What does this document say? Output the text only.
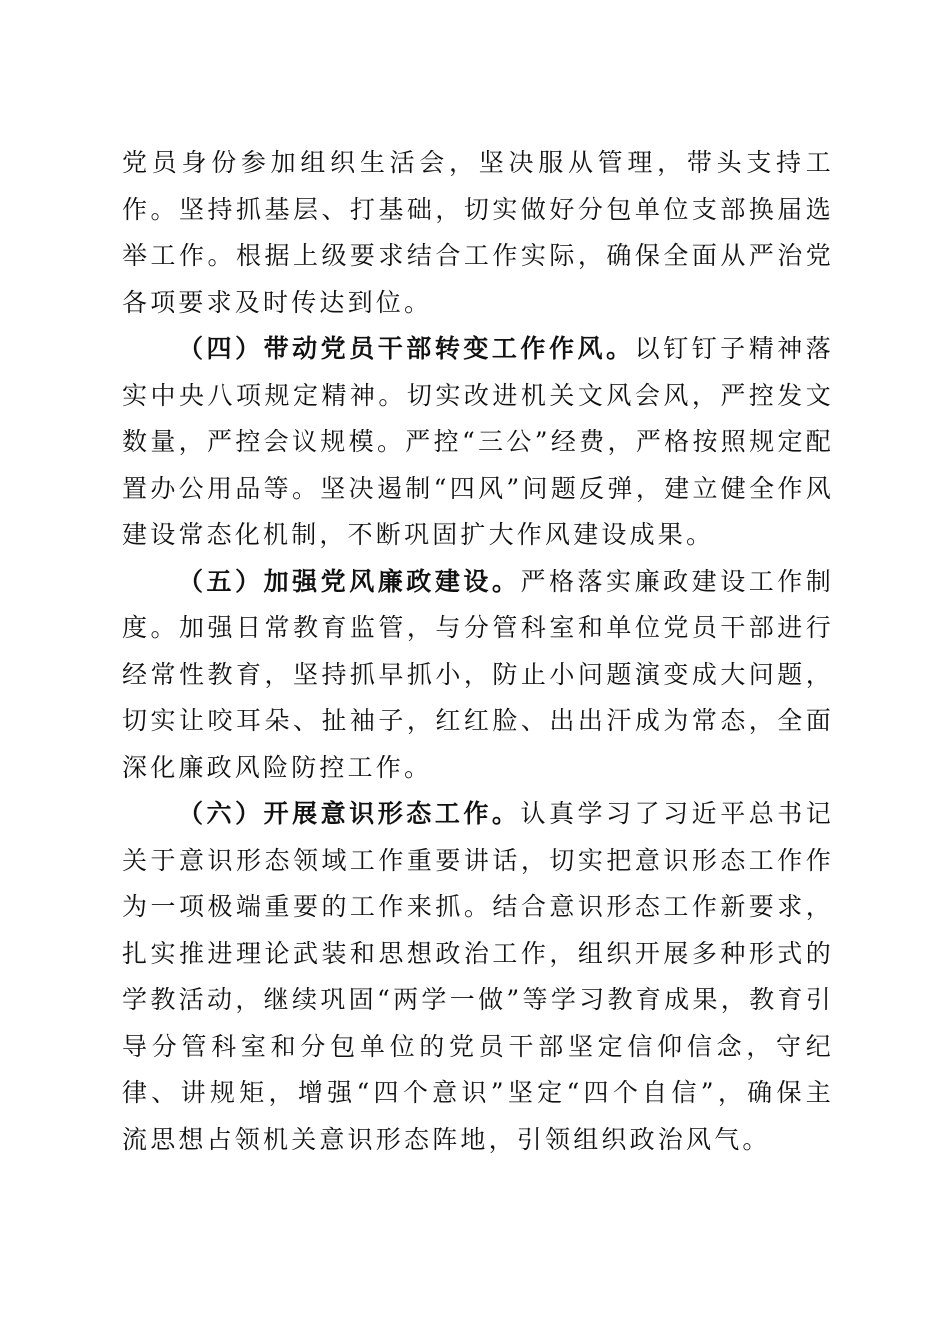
党员身份参加组织生活会，坚决服从管理，带头支持工作。坚持抓基层、打基础，切实做好分包单位支部换届选举工作。根据上级要求结合工作实际，确保全面从严治党各项要求及时传达到位。

（四）带动党员干部转变工作作风。以钉钉子精神落实中央八项规定精神。切实改进机关文风会风，严控发文数量，严控会议规模。严控“三公”经费，严格按照规定配置办公用品等。坚决遏制“四风”问题反弹，建立健全作风建设常态化机制，不断巩固扩大作风建设成果。

（五）加强党风廉政建设。严格落实廉政建设工作制度。加强日常教育监管，与分管科室和单位党员干部进行经常性教育，坚持抓早抓小，防止小问题演变成大问题，切实让咬耳朵、扯袖子，红红脸、出出汗成为常态，全面深化廉政风险防控工作。

（六）开展意识形态工作。认真学习了习近平总书记关于意识形态领域工作重要讲话，切实把意识形态工作作为一项极端重要的工作来抓。结合意识形态工作新要求，扎实推进理论武装和思想政治工作，组织开展多种形式的学教活动，继续巩固“两学一做”等学习教育成果，教育引导分管科室和分包单位的党员干部坚定信仰信念，守纪律、讲规矩，增强“四个意识”坚定“四个自信”，确保主流思想占领机关意识形态阵地，引领组织政治风气。
